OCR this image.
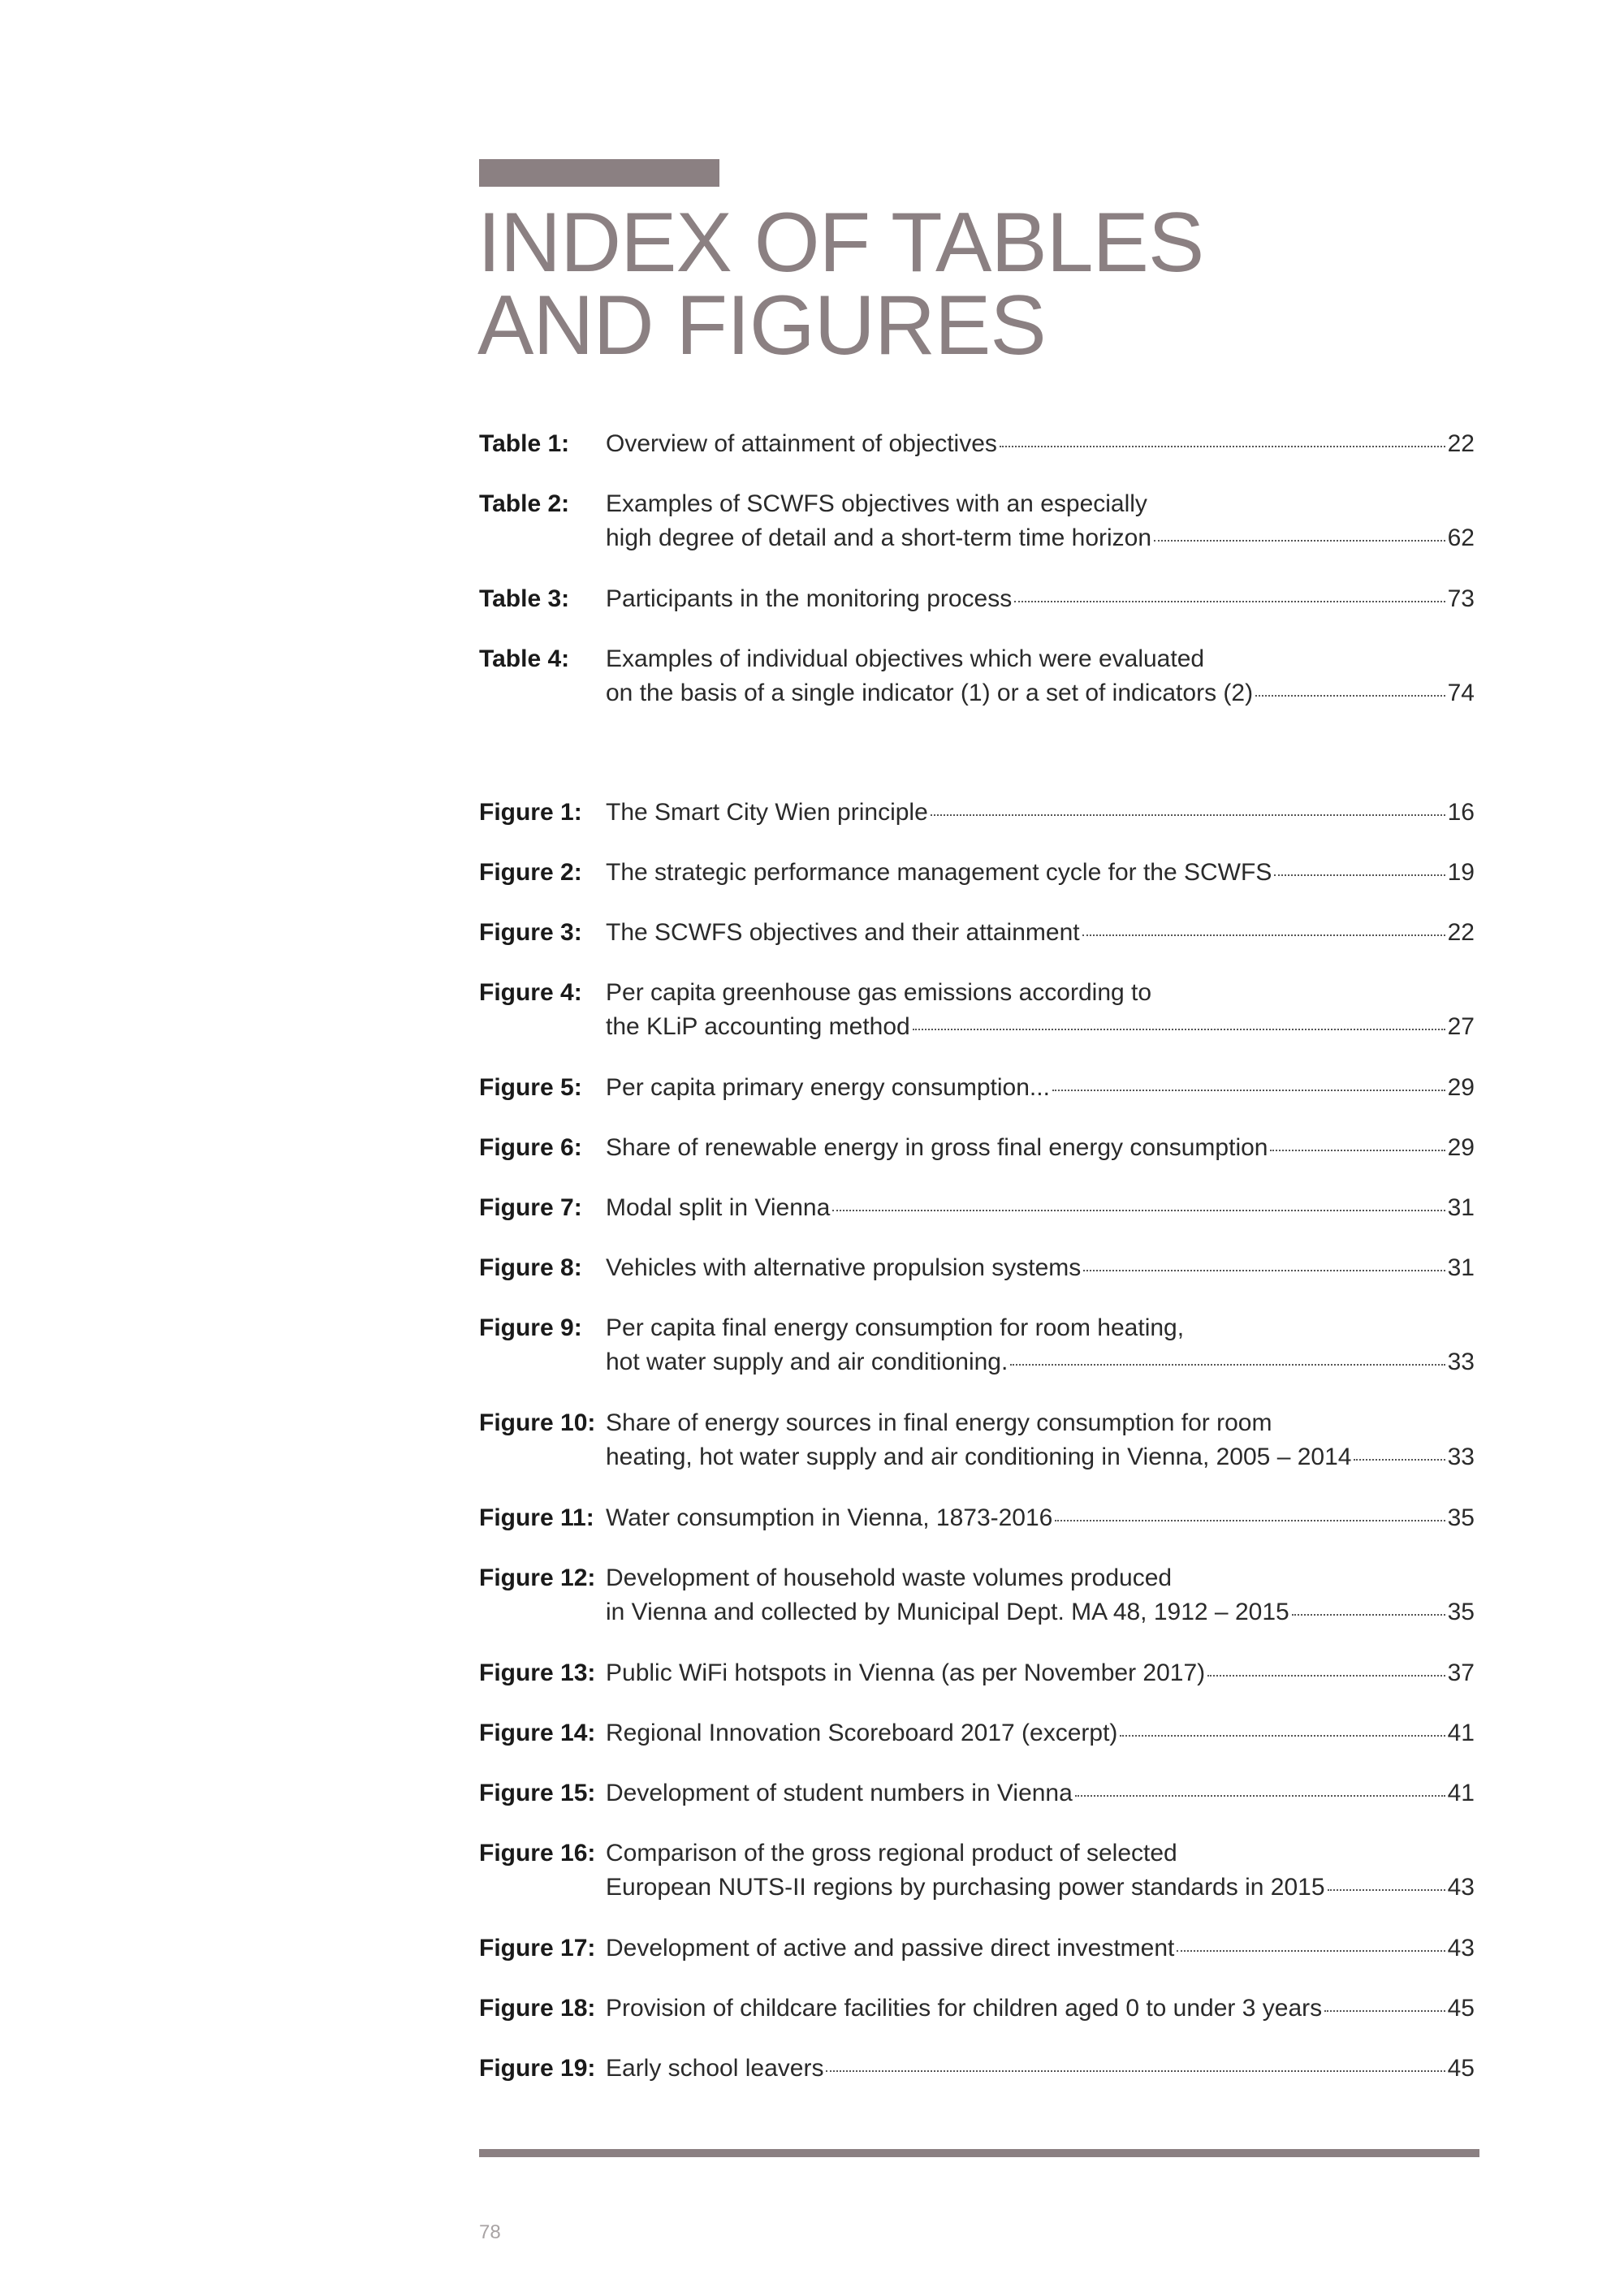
INDEX OF TABLES
AND FIGURES
Table 1: Overview of attainment of objectives	22
Table 2: Examples of SCWFS objectives with an especially
high degree of detail and a short-term time horizon	62
Table 3: Participants in the monitoring process	73
Table 4: Examples of individual objectives which were evaluated
on the basis of a single indicator (1) or a set of indicators (2)	74
Figure 1: The Smart City Wien principle	16
Figure 2: The strategic performance management cycle for the SCWFS	19
Figure 3: The SCWFS objectives and their attainment	22
Figure 4: Per capita greenhouse gas emissions according to
the KLiP accounting method	27
Figure 5: Per capita primary energy consumption...	29
Figure 6: Share of renewable energy in gross final energy consumption	29
Figure 7: Modal split in Vienna	31
Figure 8: Vehicles with alternative propulsion systems	31
Figure 9: Per capita final energy consumption for room heating,
hot water supply and air conditioning.	33
Figure 10: Share of energy sources in final energy consumption for room
heating, hot water supply and air conditioning in Vienna, 2005 – 2014	33
Figure 11: Water consumption in Vienna, 1873-2016	35
Figure 12: Development of household waste volumes produced
in Vienna and collected by Municipal Dept. MA 48, 1912 – 2015	35
Figure 13: Public WiFi hotspots in Vienna (as per November 2017)	37
Figure 14: Regional Innovation Scoreboard 2017 (excerpt)	41
Figure 15: Development of student numbers in Vienna	41
Figure 16: Comparison of the gross regional product of selected
European NUTS-II regions by purchasing power standards in 2015	43
Figure 17: Development of active and passive direct investment	43
Figure 18: Provision of childcare facilities for children aged 0 to under 3 years	45
Figure 19: Early school leavers	45
78
